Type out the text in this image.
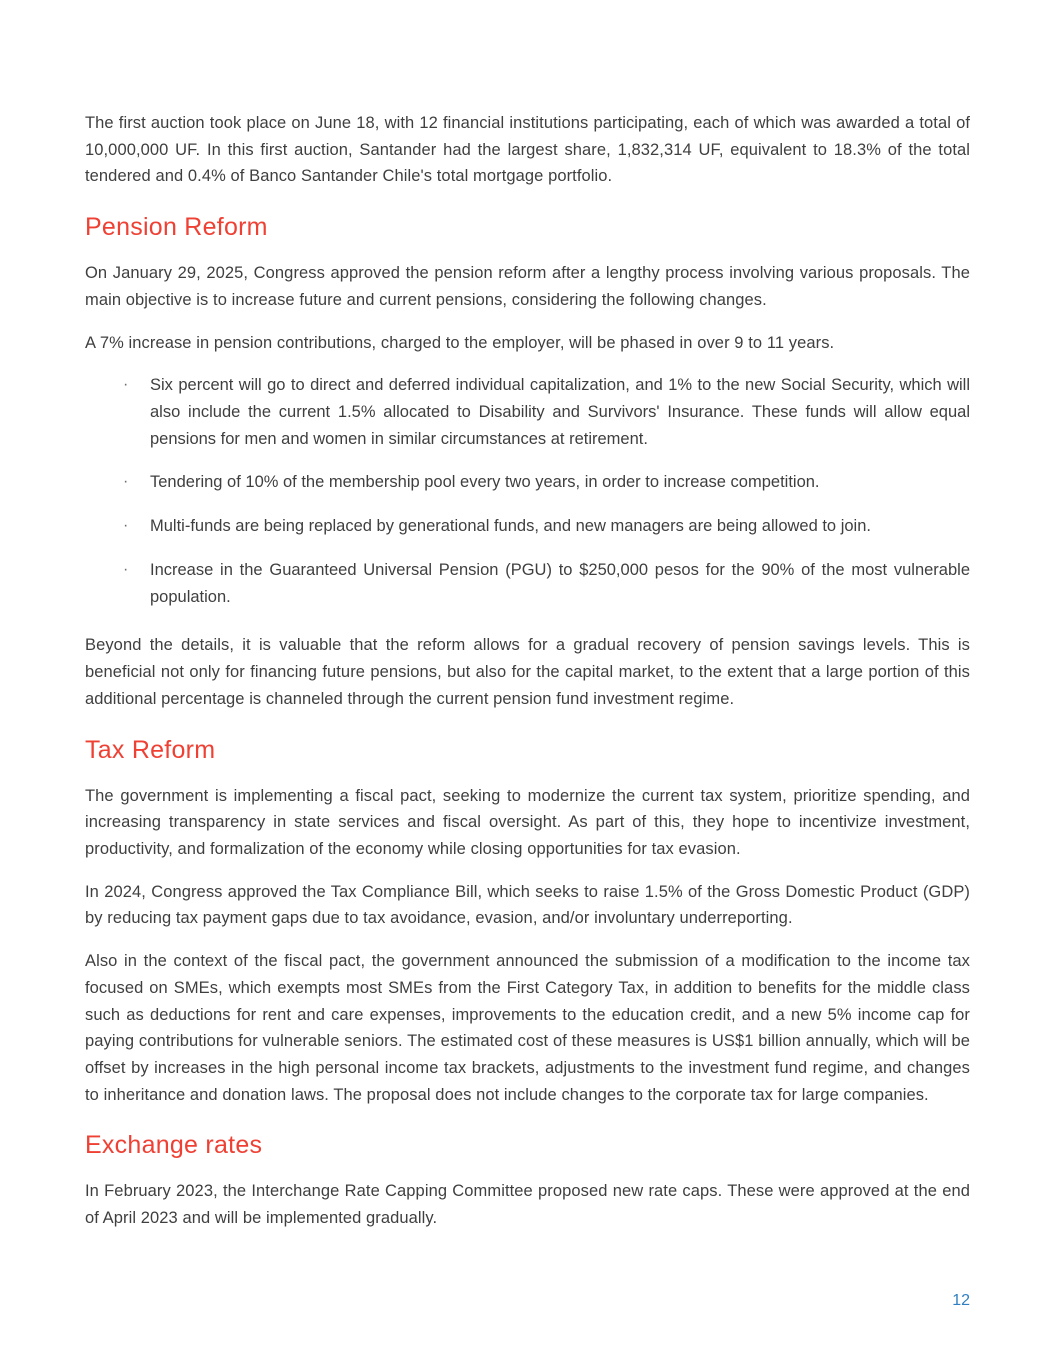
The first auction took place on June 18, with 12 financial institutions participating, each of which was awarded a total of 10,000,000 UF. In this first auction, Santander had the largest share, 1,832,314 UF, equivalent to 18.3% of the total tendered and 0.4% of Banco Santander Chile's total mortgage portfolio.

Pension Reform

On January 29, 2025, Congress approved the pension reform after a lengthy process involving various proposals. The main objective is to increase future and current pensions, considering the following changes.

A 7% increase in pension contributions, charged to the employer, will be phased in over 9 to 11 years.

· Six percent will go to direct and deferred individual capitalization, and 1% to the new Social Security, which will also include the current 1.5% allocated to Disability and Survivors' Insurance. These funds will allow equal pensions for men and women in similar circumstances at retirement.
· Tendering of 10% of the membership pool every two years, in order to increase competition.
· Multi-funds are being replaced by generational funds, and new managers are being allowed to join.
· Increase in the Guaranteed Universal Pension (PGU) to $250,000 pesos for the 90% of the most vulnerable population.

Beyond the details, it is valuable that the reform allows for a gradual recovery of pension savings levels. This is beneficial not only for financing future pensions, but also for the capital market, to the extent that a large portion of this additional percentage is channeled through the current pension fund investment regime.

Tax Reform

The government is implementing a fiscal pact, seeking to modernize the current tax system, prioritize spending, and increasing transparency in state services and fiscal oversight. As part of this, they hope to incentivize investment, productivity, and formalization of the economy while closing opportunities for tax evasion.

In 2024, Congress approved the Tax Compliance Bill, which seeks to raise 1.5% of the Gross Domestic Product (GDP) by reducing tax payment gaps due to tax avoidance, evasion, and/or involuntary underreporting.

Also in the context of the fiscal pact, the government announced the submission of a modification to the income tax focused on SMEs, which exempts most SMEs from the First Category Tax, in addition to benefits for the middle class such as deductions for rent and care expenses, improvements to the education credit, and a new 5% income cap for paying contributions for vulnerable seniors. The estimated cost of these measures is US$1 billion annually, which will be offset by increases in the high personal income tax brackets, adjustments to the investment fund regime, and changes to inheritance and donation laws. The proposal does not include changes to the corporate tax for large companies.

Exchange rates

In February 2023, the Interchange Rate Capping Committee proposed new rate caps. These were approved at the end of April 2023 and will be implemented gradually.

12
